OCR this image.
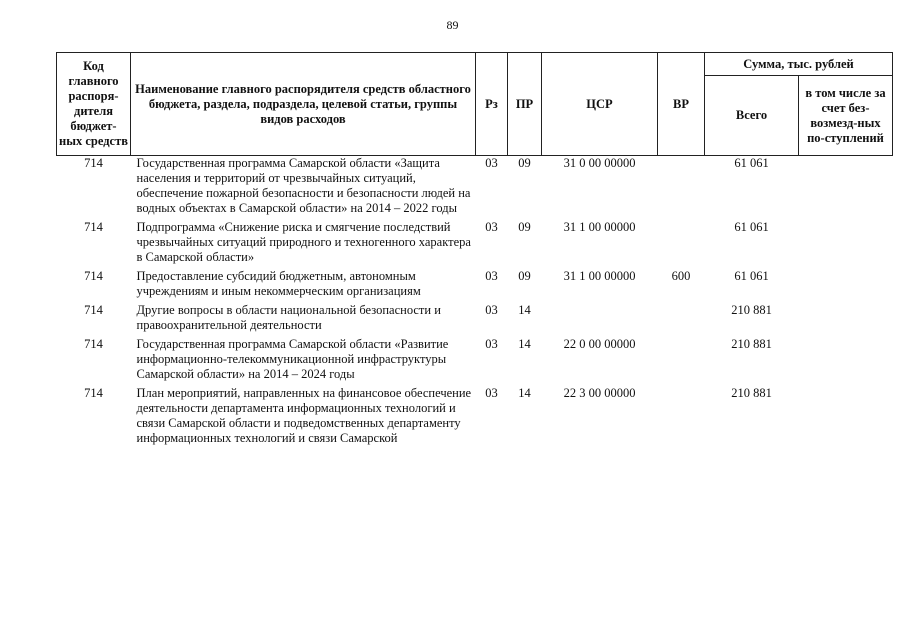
89
Код главного распоря-дителя бюджет-ных средств	Наименование главного распорядителя средств областного бюджета, раздела, подраздела, целевой статьи, группы видов расходов	Рз	ПР	ЦСР	ВР	Сумма, тыс. рублей	
						Всего	в том числе за счет без-возмезд-ных по-ступлений
714	Государственная программа Самарской области «Защита населения и территорий от чрезвычайных ситуаций, обеспечение пожарной безопасности и безопасности людей на водных объектах в Самарской области» на 2014 – 2022 годы	03	09	31 0 00 00000		61 061	
714	Подпрограмма «Снижение риска и смягчение последствий чрезвычайных ситуаций природного и техногенного характера в Самарской области»	03	09	31 1 00 00000		61 061	
714	Предоставление субсидий бюджетным, автономным учреждениям и иным некоммерческим организациям	03	09	31 1 00 00000	600	61 061	
714	Другие вопросы в области национальной безопасности и правоохранительной деятельности	03	14			210 881	
714	Государственная программа Самарской области «Развитие информационно-телекоммуникационной инфраструктуры Самарской области» на 2014 – 2024 годы	03	14	22 0 00 00000		210 881	
714	План мероприятий, направленных на финансовое обеспечение деятельности департамента информационных технологий и связи Самарской области и подведомственных департаменту информационных технологий и связи Самарской	03	14	22 3 00 00000		210 881	
